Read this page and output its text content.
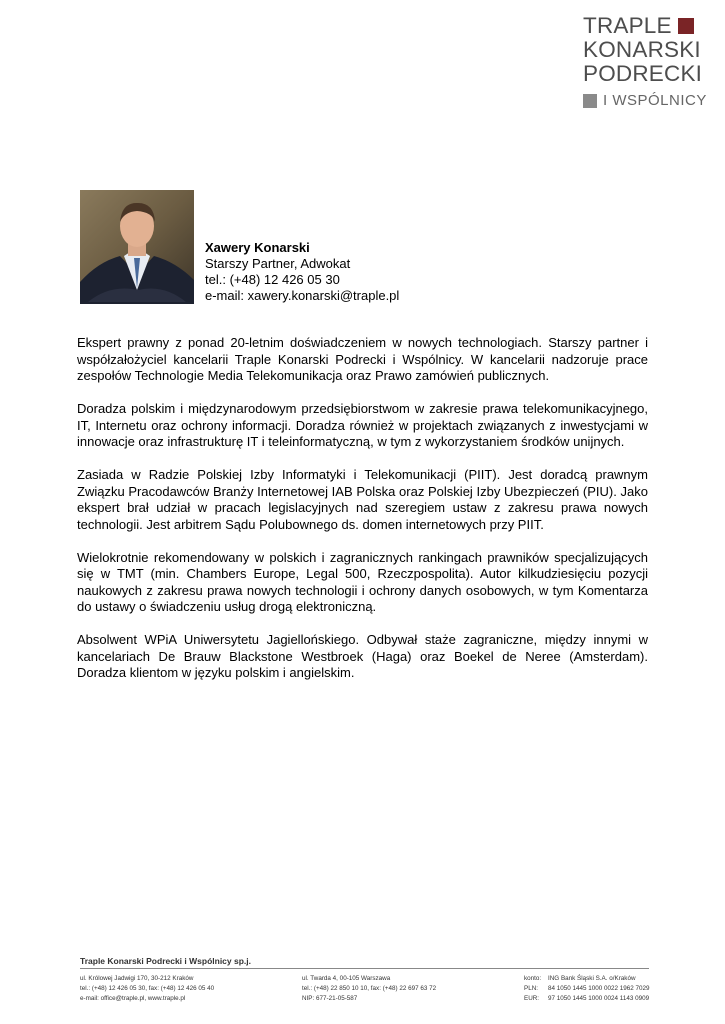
TRAPLE
KONARSKI
PODRECKI
I WSPÓLNICY
Xawery Konarski
Starszy Partner, Adwokat
tel.: (+48) 12 426 05 30
e-mail: xawery.konarski@traple.pl

Ekspert prawny z ponad 20-letnim doświadczeniem w nowych technologiach. Starszy partner i współzałożyciel kancelarii Traple Konarski Podrecki i Wspólnicy. W kancelarii nadzoruje prace zespołów Technologie Media Telekomunikacja oraz Prawo zamówień publicznych.

Doradza polskim i międzynarodowym przedsiębiorstwom w zakresie prawa telekomunikacyjnego, IT, Internetu oraz ochrony informacji. Doradza również w projektach związanych z inwestycjami w innowacje oraz infrastrukturę IT i teleinformatyczną, w tym z wykorzystaniem środków unijnych.

Zasiada w Radzie Polskiej Izby Informatyki i Telekomunikacji (PIIT). Jest doradcą prawnym Związku Pracodawców Branży Internetowej IAB Polska oraz Polskiej Izby Ubezpieczeń (PIU). Jako ekspert brał udział w pracach legislacyjnych nad szeregiem ustaw z zakresu prawa nowych technologii. Jest arbitrem Sądu Polubownego ds. domen internetowych przy PIIT.

Wielokrotnie rekomendowany w polskich i zagranicznych rankingach prawników specjalizujących się w TMT (min. Chambers Europe, Legal 500, Rzeczpospolita). Autor kilkudziesięciu pozycji naukowych z zakresu prawa nowych technologii i ochrony danych osobowych, w tym Komentarza do ustawy o świadczeniu usług drogą elektroniczną.

Absolwent WPiA Uniwersytetu Jagiellońskiego. Odbywał staże zagraniczne, między innymi w kancelariach De Brauw Blackstone Westbroek (Haga) oraz Boekel de Neree (Amsterdam). Doradza klientom w języku polskim i angielskim.

Traple Konarski Podrecki i Wspólnicy sp.j.
ul. Królowej Jadwigi 170, 30-212 Kraków
tel.: (+48) 12 426 05 30, fax: (+48) 12 426 05 40
e-mail: office@traple.pl, www.traple.pl
ul. Twarda 4, 00-105 Warszawa
tel.: (+48) 22 850 10 10, fax: (+48) 22 697 63 72
NIP: 677-21-05-587
konto:	ING Bank Śląski S.A. o/Kraków
PLN:	84 1050 1445 1000 0022 1962 7029
EUR:	97 1050 1445 1000 0024 1143 0909
